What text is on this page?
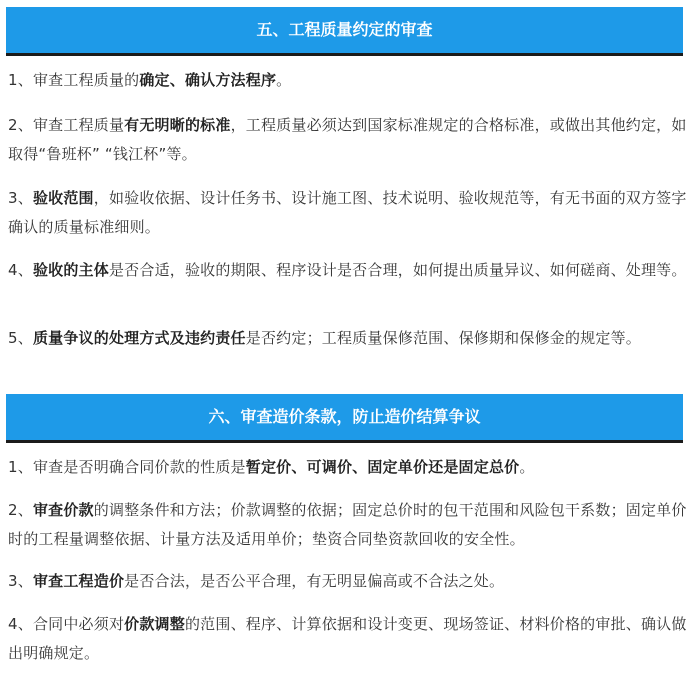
五、工程质量约定的审查

1、审查工程质量的确定、确认方法程序。

2、审查工程质量有无明晰的标准，工程质量必须达到国家标准规定的合格标准，或做出其他约定，如取得“鲁班杯” “钱江杯”等。

3、验收范围，如验收依据、设计任务书、设计施工图、技术说明、验收规范等，有无书面的双方签字确认的质量标准细则。

4、验收的主体是否合适，验收的期限、程序设计是否合理，如何提出质量异议、如何磋商、处理等。

5、质量争议的处理方式及违约责任是否约定；工程质量保修范围、保修期和保修金的规定等。

六、审查造价条款，防止造价结算争议

1、审查是否明确合同价款的性质是暂定价、可调价、固定单价还是固定总价。

2、审查价款的调整条件和方法；价款调整的依据；固定总价时的包干范围和风险包干系数；固定单价时的工程量调整依据、计量方法及适用单价；垫资合同垫资款回收的安全性。

3、审查工程造价是否合法，是否公平合理，有无明显偏高或不合法之处。

4、合同中必须对价款调整的范围、程序、计算依据和设计变更、现场签证、材料价格的审批、确认做出明确规定。
